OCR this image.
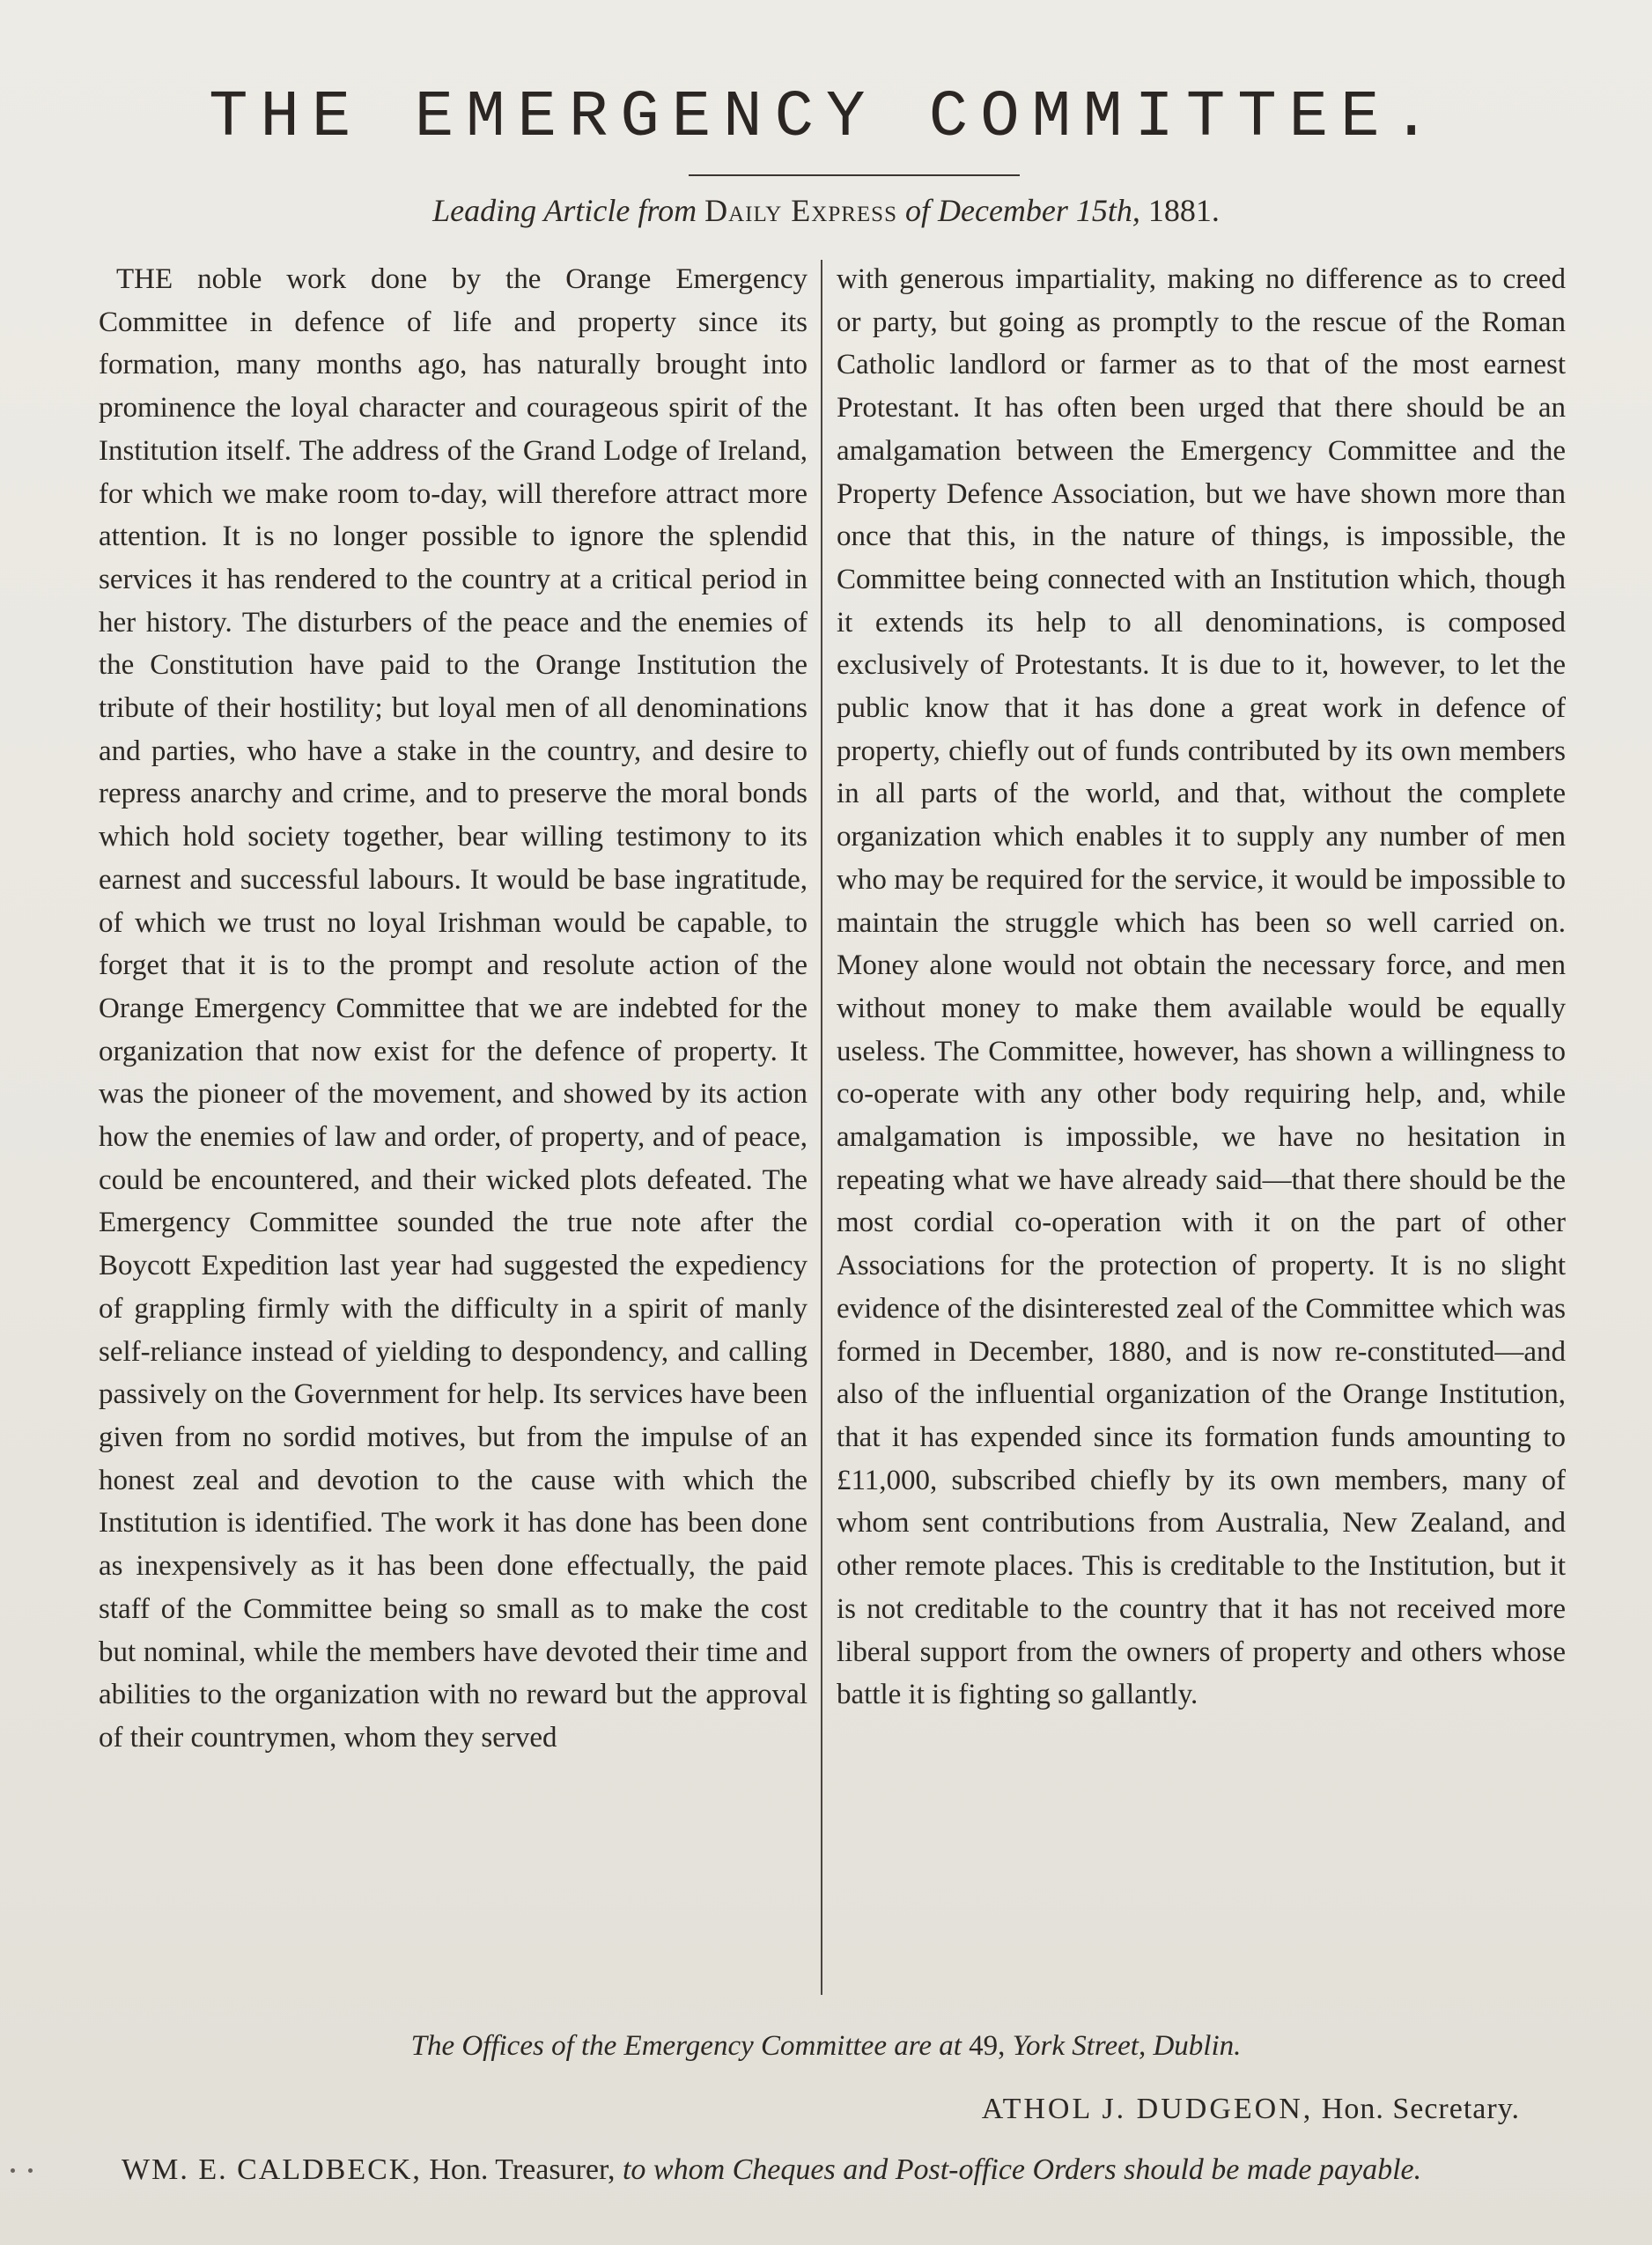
THE EMERGENCY COMMITTEE.
Leading Article from Daily Express of December 15th, 1881.

THE noble work done by the Orange Emergency Committee in defence of life and property since its formation, many months ago, has naturally brought into prominence the loyal character and courageous spirit of the Institution itself. The address of the Grand Lodge of Ireland, for which we make room to-day, will therefore attract more attention. It is no longer possible to ignore the splendid services it has rendered to the country at a critical period in her history. The disturbers of the peace and the enemies of the Constitution have paid to the Orange Institution the tribute of their hostility; but loyal men of all denominations and parties, who have a stake in the country, and desire to repress anarchy and crime, and to preserve the moral bonds which hold society together, bear willing testimony to its earnest and successful labours. It would be base ingratitude, of which we trust no loyal Irishman would be capable, to forget that it is to the prompt and resolute action of the Orange Emergency Committee that we are indebted for the organization that now exist for the defence of property. It was the pioneer of the movement, and showed by its action how the enemies of law and order, of property, and of peace, could be encountered, and their wicked plots defeated. The Emergency Committee sounded the true note after the Boycott Expedition last year had suggested the expediency of grappling firmly with the difficulty in a spirit of manly self-reliance instead of yielding to despondency, and calling passively on the Government for help. Its services have been given from no sordid motives, but from the impulse of an honest zeal and devotion to the cause with which the Institution is identified. The work it has done has been done as inexpensively as it has been done effectually, the paid staff of the Committee being so small as to make the cost but nominal, while the members have devoted their time and abilities to the organization with no reward but the approval of their countrymen, whom they served

with generous impartiality, making no difference as to creed or party, but going as promptly to the rescue of the Roman Catholic landlord or farmer as to that of the most earnest Protestant. It has often been urged that there should be an amalgamation between the Emergency Committee and the Property Defence Association, but we have shown more than once that this, in the nature of things, is impossible, the Committee being connected with an Institution which, though it extends its help to all denominations, is composed exclusively of Protestants. It is due to it, however, to let the public know that it has done a great work in defence of property, chiefly out of funds contributed by its own members in all parts of the world, and that, without the complete organization which enables it to supply any number of men who may be required for the service, it would be impossible to maintain the struggle which has been so well carried on. Money alone would not obtain the necessary force, and men without money to make them available would be equally useless. The Committee, however, has shown a willingness to co-operate with any other body requiring help, and, while amalgamation is impossible, we have no hesitation in repeating what we have already said—that there should be the most cordial co-operation with it on the part of other Associations for the protection of property. It is no slight evidence of the disinterested zeal of the Committee which was formed in December, 1880, and is now re-constituted—and also of the influential organization of the Orange Institution, that it has expended since its formation funds amounting to £11,000, subscribed chiefly by its own members, many of whom sent contributions from Australia, New Zealand, and other remote places. This is creditable to the Institution, but it is not creditable to the country that it has not received more liberal support from the owners of property and others whose battle it is fighting so gallantly.

The Offices of the Emergency Committee are at 49, York Street, Dublin.
ATHOL J. DUDGEON, Hon. Secretary.
WM. E. CALDBECK, Hon. Treasurer, to whom Cheques and Post-office Orders should be made payable.
